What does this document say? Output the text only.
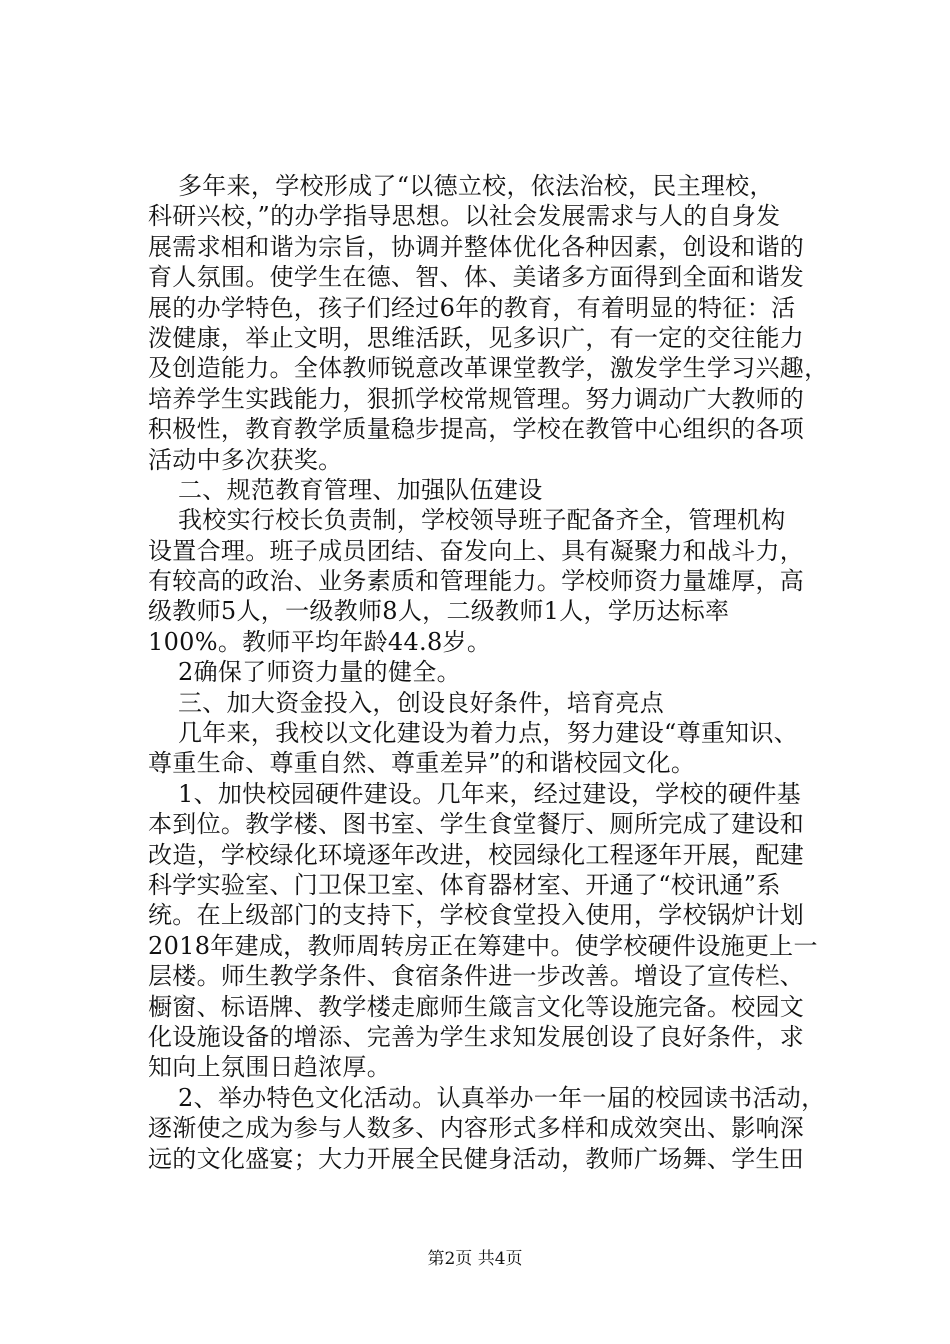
多年来，学校形成了“以德立校，依法治校，民主理校，
科研兴校，”的办学指导思想。以社会发展需求与人的自身发
展需求相和谐为宗旨，协调并整体优化各种因素，创设和谐的
育人氛围。使学生在德、智、体、美诸多方面得到全面和谐发
展的办学特色，孩子们经过6年的教育，有着明显的特征：活
泼健康，举止文明，思维活跃，见多识广，有一定的交往能力
及创造能力。全体教师锐意改革课堂教学，激发学生学习兴趣，
培养学生实践能力，狠抓学校常规管理。努力调动广大教师的
积极性，教育教学质量稳步提高，学校在教管中心组织的各项
活动中多次获奖。
二、规范教育管理、加强队伍建设
我校实行校长负责制，学校领导班子配备齐全，管理机构
设置合理。班子成员团结、奋发向上、具有凝聚力和战斗力，
有较高的政治、业务素质和管理能力。学校师资力量雄厚，高
级教师5人，一级教师8人，二级教师1人，学历达标率
100%。教师平均年龄44.8岁。
2确保了师资力量的健全。
三、加大资金投入，创设良好条件，培育亮点
几年来，我校以文化建设为着力点，努力建设“尊重知识、
尊重生命、尊重自然、尊重差异”的和谐校园文化。
1、加快校园硬件建设。几年来，经过建设，学校的硬件基
本到位。教学楼、图书室、学生食堂餐厅、厕所完成了建设和
改造，学校绿化环境逐年改进，校园绿化工程逐年开展，配建
科学实验室、门卫保卫室、体育器材室、开通了“校讯通”系
统。在上级部门的支持下，学校食堂投入使用，学校锅炉计划
2018年建成，教师周转房正在筹建中。使学校硬件设施更上一
层楼。师生教学条件、食宿条件进一步改善。增设了宣传栏、
橱窗、标语牌、教学楼走廊师生箴言文化等设施完备。校园文
化设施设备的增添、完善为学生求知发展创设了良好条件，求
知向上氛围日趋浓厚。
2、举办特色文化活动。认真举办一年一届的校园读书活动，
逐渐使之成为参与人数多、内容形式多样和成效突出、影响深
远的文化盛宴；大力开展全民健身活动，教师广场舞、学生田
第2页 共4页
